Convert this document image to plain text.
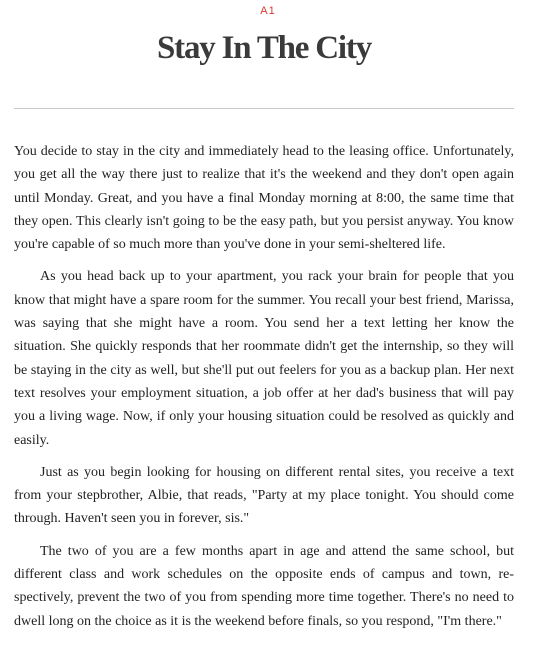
A1
Stay In The City

You decide to stay in the city and immediately head to the leasing office. Unfortunately, you get all the way there just to realize that it's the weekend and they don't open again until Monday. Great, and you have a final Monday morning at 8:00, the same time that they open. This clearly isn't going to be the easy path, but you persist anyway. You know you're capable of so much more than you've done in your semi-sheltered life.

As you head back up to your apartment, you rack your brain for people that you know that might have a spare room for the summer. You recall your best friend, Marissa, was saying that she might have a room. You send her a text letting her know the situation. She quickly responds that her roommate didn't get the internship, so they will be staying in the city as well, but she'll put out feelers for you as a backup plan. Her next text resolves your employment situation, a job offer at her dad's business that will pay you a living wage. Now, if only your housing situation could be resolved as quickly and easily.

Just as you begin looking for housing on different rental sites, you receive a text from your stepbrother, Albie, that reads, "Party at my place tonight. You should come through. Haven't seen you in forever, sis."

The two of you are a few months apart in age and attend the same school, but different class and work schedules on the opposite ends of campus and town, respectively, prevent the two of you from spending more time together. There's no need to dwell long on the choice as it is the weekend before finals, so you respond, "I'm there."
